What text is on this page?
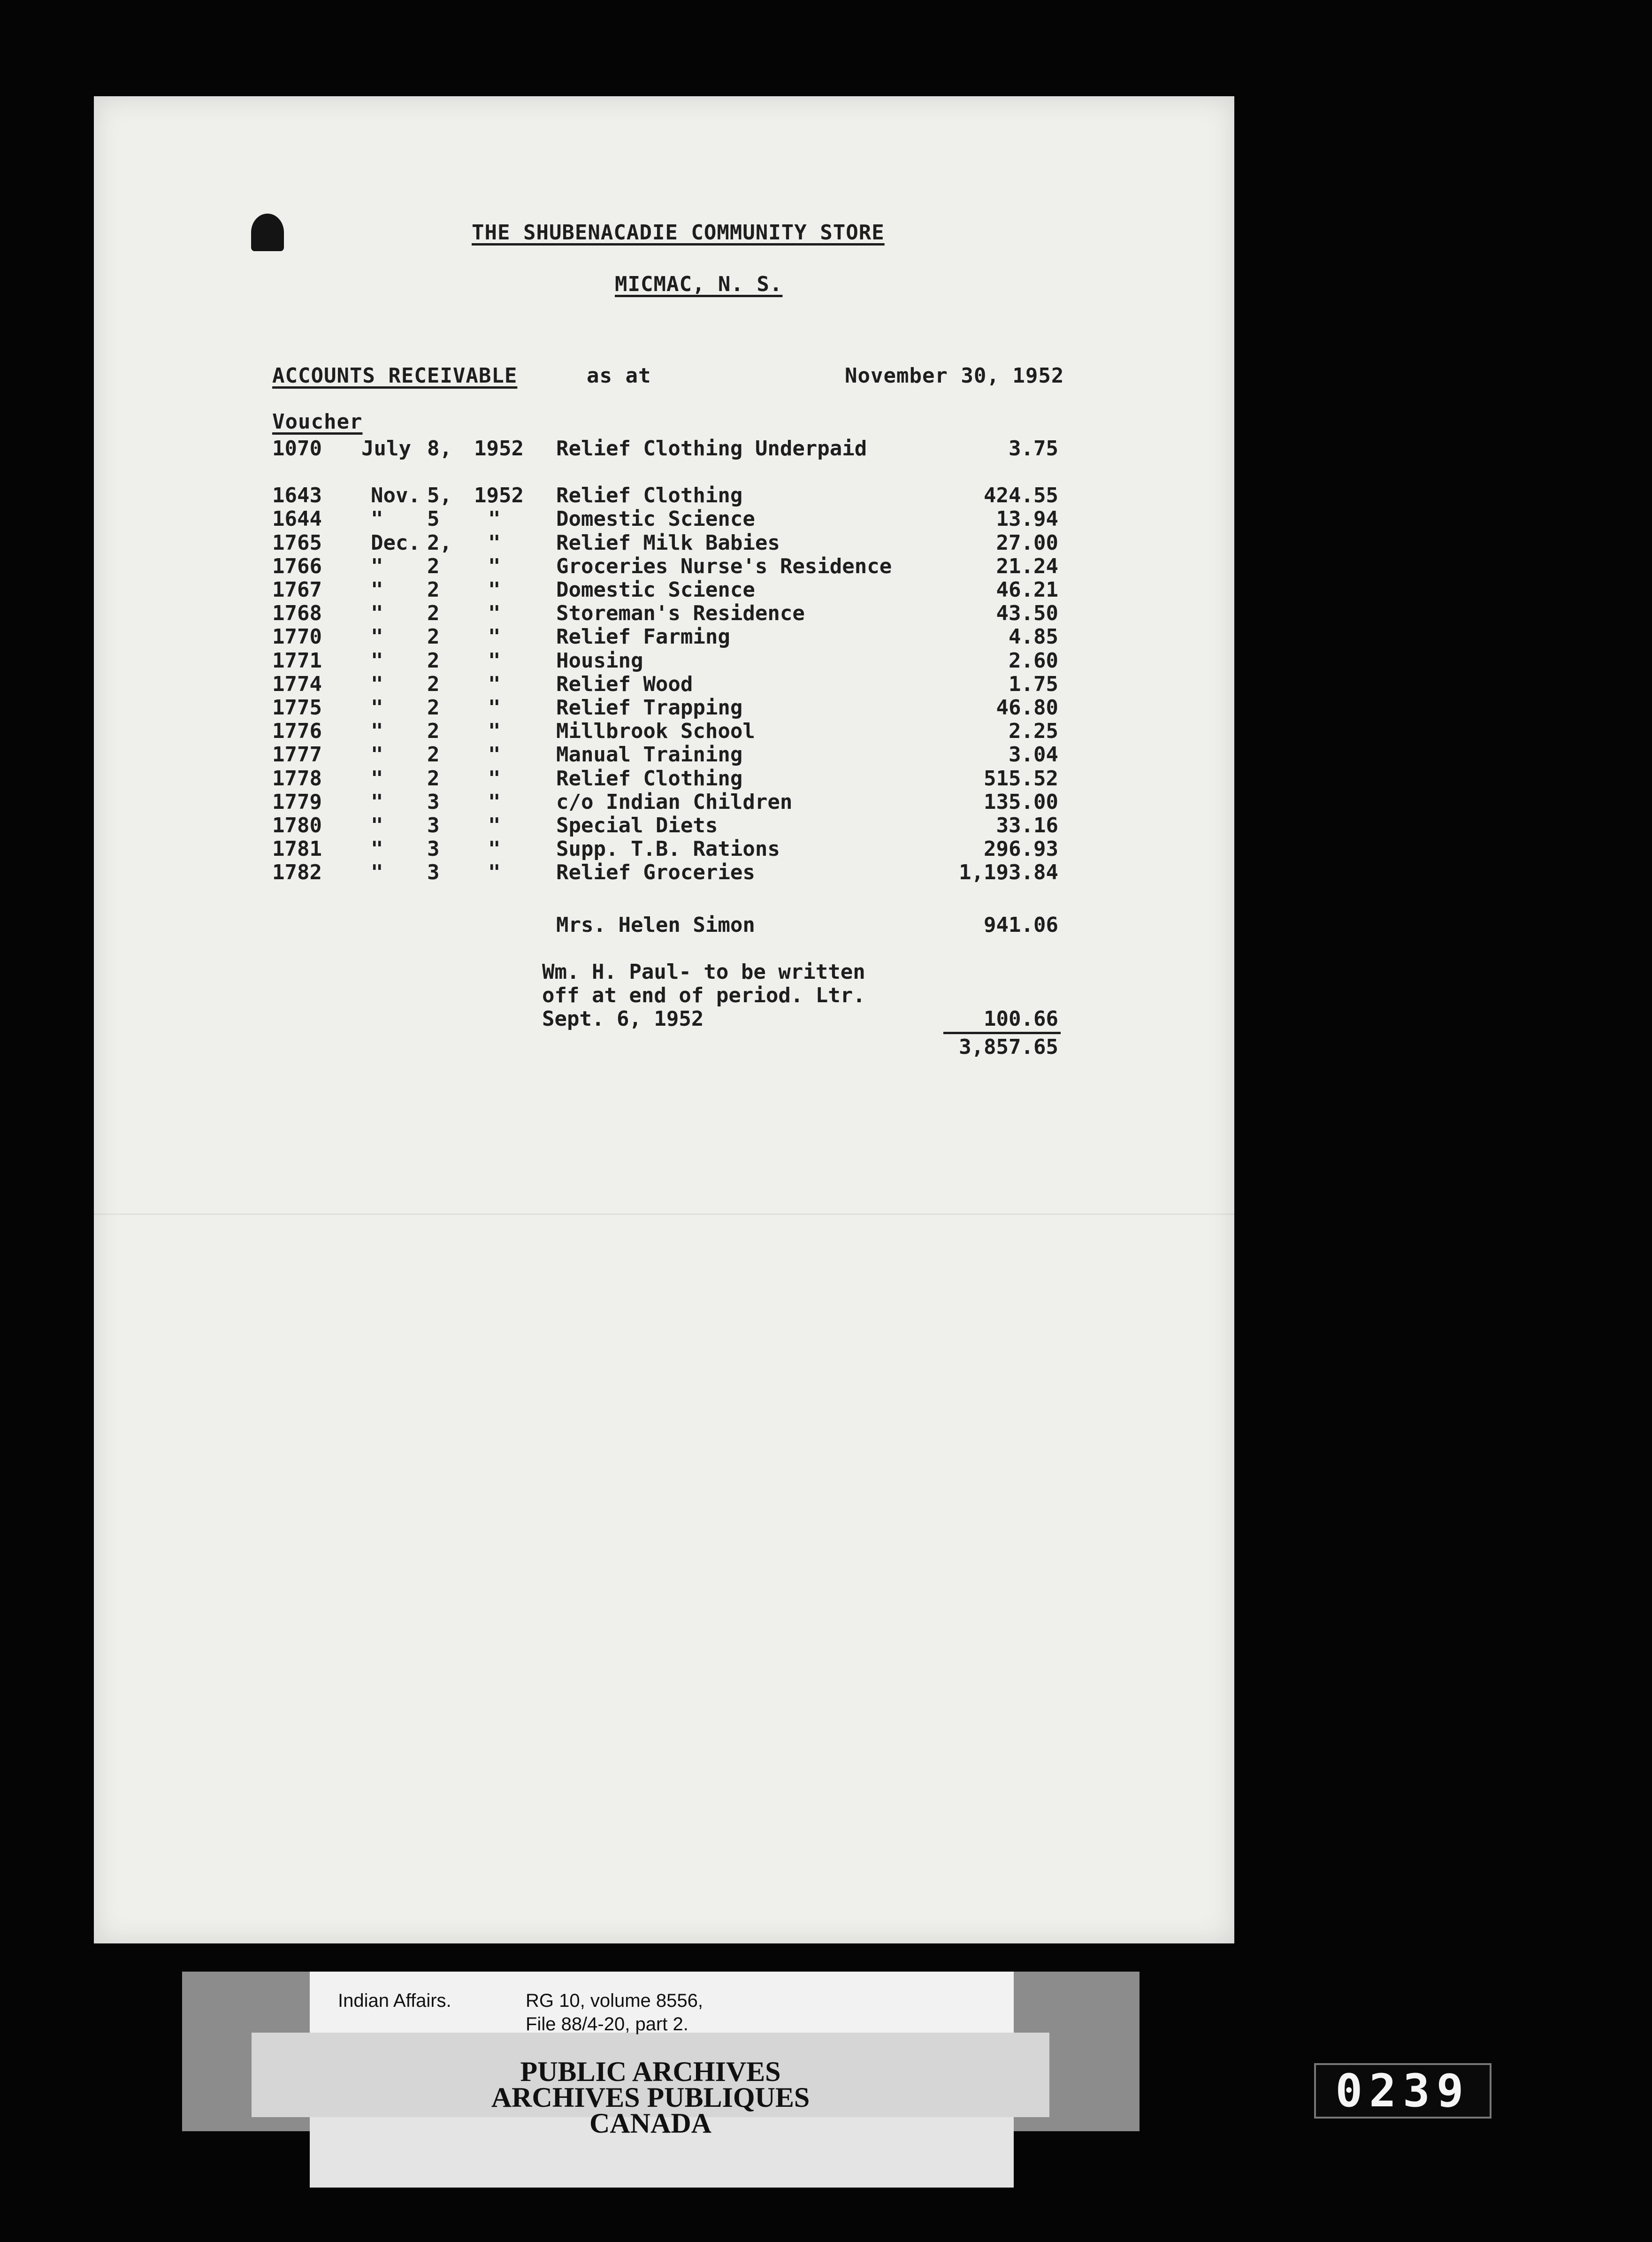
THE SHUBENACADIE COMMUNITY STORE
MICMAC, N. S.
ACCOUNTS RECEIVABLE	as at	November 30, 1952
Voucher
1070 July 8, 1952 Relief Clothing Underpaid	3.75
1643 Nov. 5, 1952 Relief Clothing	424.55
1644 " 5 "	Domestic Science	13.94
1765 Dec. 2, "	Relief Milk Babies	27.00
1766 " 2 "	Groceries Nurse's Residence	21.24
1767 " 2 "	Domestic Science	46.21
1768 " 2 "	Storeman's Residence	43.50
1770 " 2 "	Relief Farming	4.85
1771 " 2 "	Housing	2.60
1774 " 2 "	Relief Wood	1.75
1775 " 2 "	Relief Trapping	46.80
1776 " 2 "	Millbrook School	2.25
1777 " 2 "	Manual Training	3.04
1778 " 2 "	Relief Clothing	515.52
1779 " 3 "	c/o Indian Children	135.00
1780 " 3 "	Special Diets	33.16
1781 " 3 "	Supp. T.B. Rations	296.93
1782 " 3 "	Relief Groceries	1,193.84
Mrs. Helen Simon	941.06
Wm. H. Paul- to be written
off at end of period. Ltr.
Sept. 6, 1952	100.66
3,857.65
Indian Affairs.	RG 10, volume 8556,
File 88/4-20, part 2.
PUBLIC ARCHIVES
ARCHIVES PUBLIQUES
CANADA
0239
